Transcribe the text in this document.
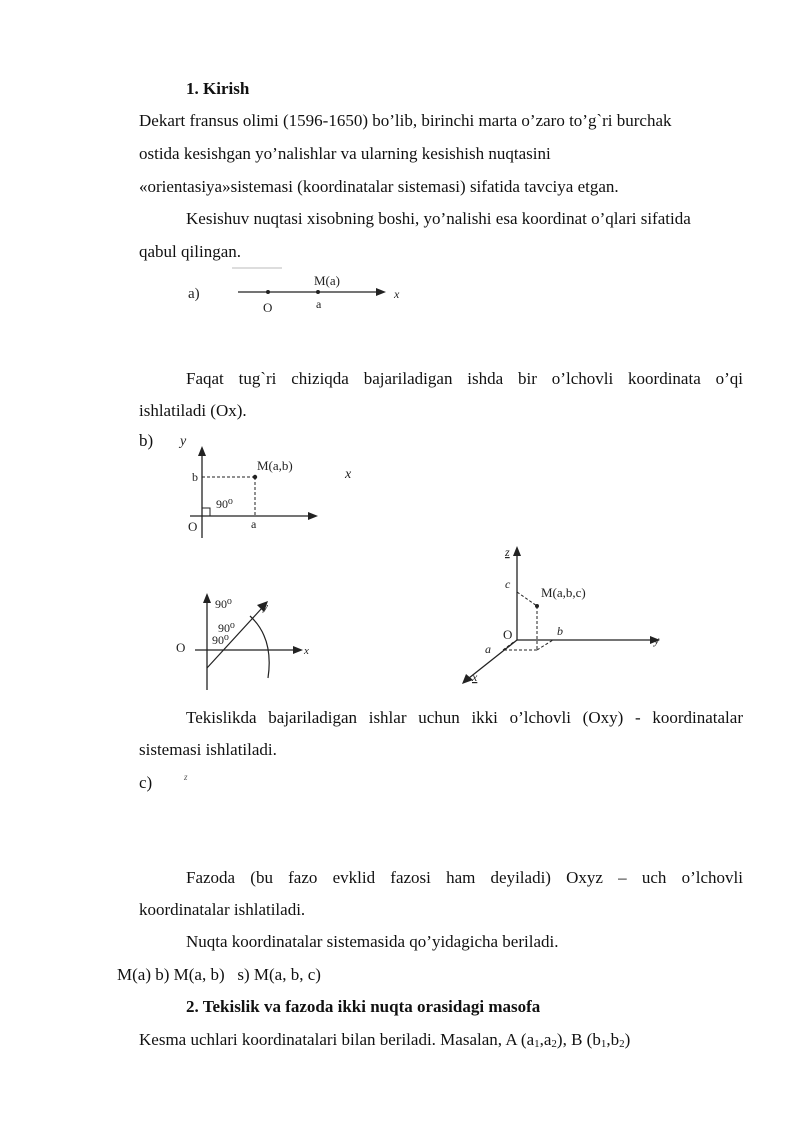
1. Kirish
Dekart fransus olimi (1596-1650) bo’lib, birinchi marta o’zaro to’g`ri burchak
ostida kesishgan yo’nalishlar va ularning kesishish nuqtasini
«orientasiya»sistemasi (koordinatalar sistemasi) sifatida tavciya etgan.
Kesishuv nuqtasi xisobning boshi, yo’nalishi esa koordinat o’qlari sifatida
qabul qilingan.
a)
M(a)
O	a
x
Faqat tug`ri chiziqda bajariladigan ishda bir o’lchovli koordinata o’qi
ishlatiladi (Ox).
b) y
x
M(a,b)
b
a
O
90⁰
90⁰
90⁰
90⁰
O	x
y
z
c
M(a,b,c)
O	b
y
a
x
Tekislikda bajariladigan ishlar uchun ikki o’lchovli (Oxy) - koordinatalar
sistemasi ishlatiladi.
c)	z
Fazoda (bu fazo evklid fazosi ham deyiladi) Oxyz – uch o’lchovli
koordinatalar ishlatiladi.
Nuqta koordinatalar sistemasida qo’yidagicha beriladi.
M(a) b) M(a, b)   s) M(a, b, c)
2. Tekislik va fazoda ikki nuqta orasidagi masofa
Kesma uchlari koordinatalari bilan beriladi. Masalan, A $(a_1,a_2)$, B $(b_1,b_2)$
